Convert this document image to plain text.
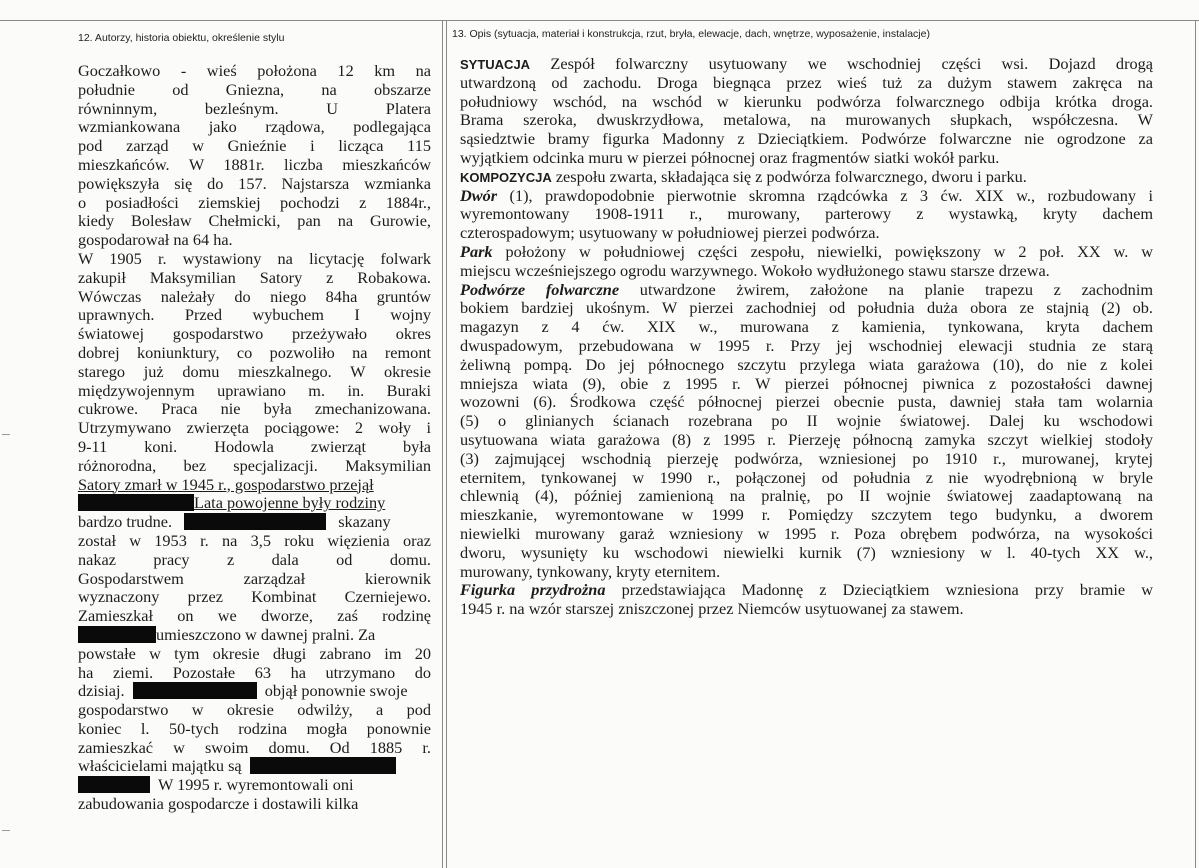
12. Autorzy, historia obiektu, określenie stylu	13. Opis (sytuacja, materiał i konstrukcja, rzut, bryła, elewacje, dach, wnętrze, wyposażenie, instalacje)
Goczałkowo - wieś położona 12 km na
południe od Gniezna, na obszarze
równinnym, bezleśnym. U Platera
wzmiankowana jako rządowa, podlegająca
pod zarząd w Gnieźnie i licząca 115
mieszkańców. W 1881r. liczba mieszkańców
powiększyła się do 157. Najstarsza wzmianka
o posiadłości ziemskiej pochodzi z 1884r.,
kiedy Bolesław Chełmicki, pan na Gurowie,
gospodarował na 64 ha.
W 1905 r. wystawiony na licytację folwark
zakupił Maksymilian Satory z Robakowa.
Wówczas należały do niego 84ha gruntów
uprawnych. Przed wybuchem I wojny
światowej gospodarstwo przeżywało okres
dobrej koniunktury, co pozwoliło na remont
starego już domu mieszkalnego. W okresie
międzywojennym uprawiano m. in. Buraki
cukrowe. Praca nie była zmechanizowana.
Utrzymywano zwierzęta pociągowe: 2 woły i
9-11 koni. Hodowla zwierząt była
różnorodna, bez specjalizacji. Maksymilian
Satory zmarł w 1945 r., gospodarstwo przejął
Lata powojenne były rodziny
bardzo trudne.	skazany
został w 1953 r. na 3,5 roku więzienia oraz
nakaz pracy z dala od domu.
Gospodarstwem zarządzał kierownik
wyznaczony przez Kombinat Czerniejewo.
Zamieszkał on we dworze, zaś rodzinę
umieszczono w dawnej pralni. Za
powstałe w tym okresie długi zabrano im 20
ha ziemi. Pozostałe 63 ha utrzymano do
dzisiaj.	objął ponownie swoje
gospodarstwo w okresie odwilży, a pod
koniec l. 50-tych rodzina mogła ponownie
zamieszkać w swoim domu. Od 1885 r.
właścicielami majątku są
W 1995 r. wyremontowali oni
zabudowania gospodarcze i dostawili kilka
SYTUACJA Zespół folwarczny usytuowany we wschodniej części wsi. Dojazd drogą
utwardzoną od zachodu. Droga biegnąca przez wieś tuż za dużym stawem zakręca na
południowy wschód, na wschód w kierunku podwórza folwarcznego odbija krótka droga.
Brama szeroka, dwuskrzydłowa, metalowa, na murowanych słupkach, współczesna. W
sąsiedztwie bramy figurka Madonny z Dzieciątkiem. Podwórze folwarczne nie ogrodzone za
wyjątkiem odcinka muru w pierzei północnej oraz fragmentów siatki wokół parku.
KOMPOZYCJA zespołu zwarta, składająca się z podwórza folwarcznego, dworu i parku.
Dwór (1), prawdopodobnie pierwotnie skromna rządcówka z 3 ćw. XIX w., rozbudowany i
wyremontowany 1908-1911 r., murowany, parterowy z wystawką, kryty dachem
czterospadowym; usytuowany w południowej pierzei podwórza.
Park położony w południowej części zespołu, niewielki, powiększony w 2 poł. XX w. w
miejscu wcześniejszego ogrodu warzywnego. Wokoło wydłużonego stawu starsze drzewa.
Podwórze folwarczne utwardzone żwirem, założone na planie trapezu z zachodnim
bokiem bardziej ukośnym. W pierzei zachodniej od południa duża obora ze stajnią (2) ob.
magazyn z 4 ćw. XIX w., murowana z kamienia, tynkowana, kryta dachem
dwuspadowym, przebudowana w 1995 r. Przy jej wschodniej elewacji studnia ze starą
żeliwną pompą. Do jej północnego szczytu przylega wiata garażowa (10), do nie z kolei
mniejsza wiata (9), obie z 1995 r. W pierzei północnej piwnica z pozostałości dawnej
wozowni (6). Środkowa część północnej pierzei obecnie pusta, dawniej stała tam wolarnia
(5) o glinianych ścianach rozebrana po II wojnie światowej. Dalej ku wschodowi
usytuowana wiata garażowa (8) z 1995 r. Pierzeję północną zamyka szczyt wielkiej stodoły
(3) zajmującej wschodnią pierzeję podwórza, wzniesionej po 1910 r., murowanej, krytej
eternitem, tynkowanej w 1990 r., połączonej od południa z nie wyodrębnioną w bryle
chlewnią (4), później zamienioną na pralnię, po II wojnie światowej zaadaptowaną na
mieszkanie, wyremontowane w 1999 r. Pomiędzy szczytem tego budynku, a dworem
niewielki murowany garaż wzniesiony w 1995 r. Poza obrębem podwórza, na wysokości
dworu, wysunięty ku wschodowi niewielki kurnik (7) wzniesiony w l. 40-tych XX w.,
murowany, tynkowany, kryty eternitem.
Figurka przydrożna przedstawiająca Madonnę z Dzieciątkiem wzniesiona przy bramie w
1945 r. na wzór starszej zniszczonej przez Niemców usytuowanej za stawem.
